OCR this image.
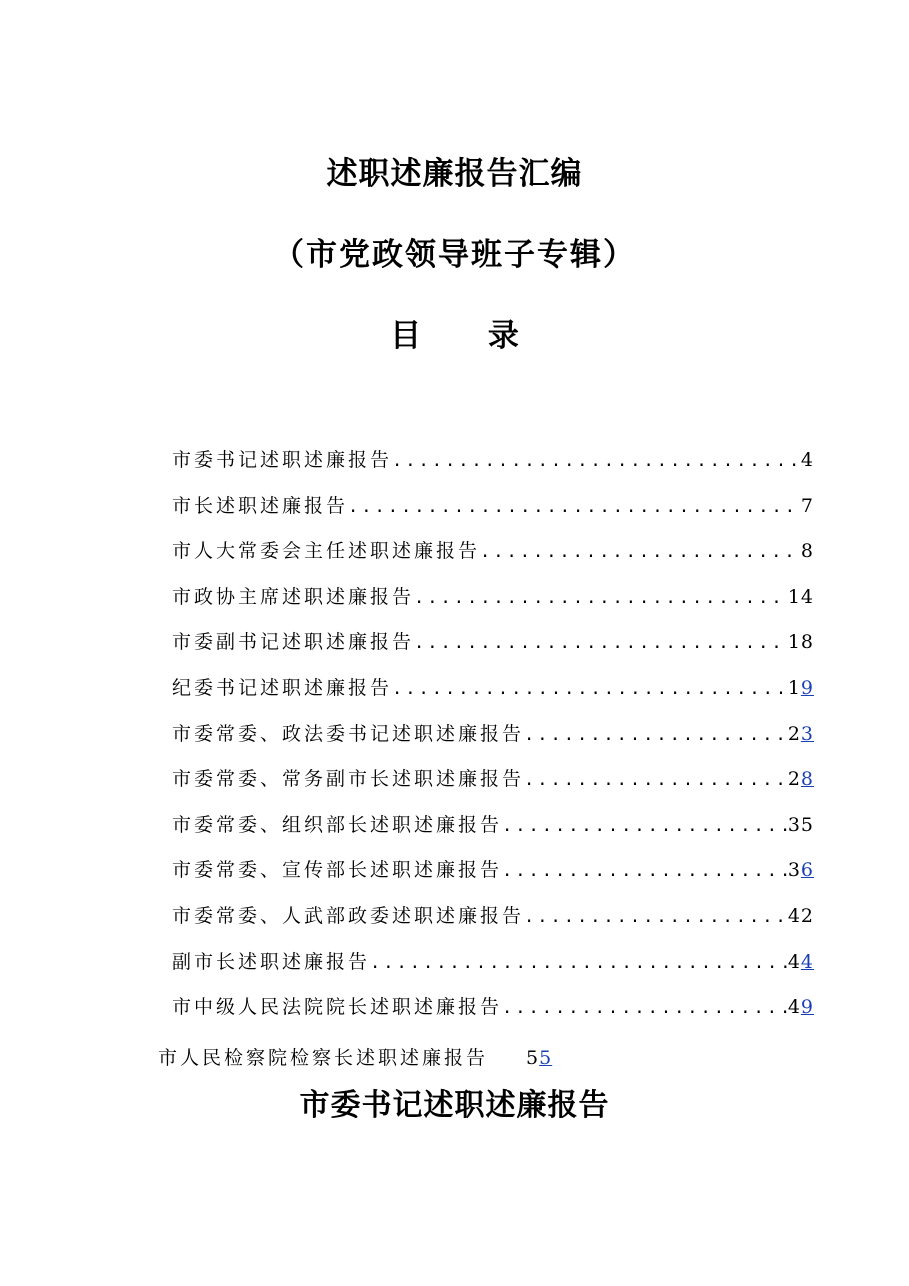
述职述廉报告汇编
（市党政领导班子专辑）
目 录
市委书记述职述廉报告 .....	4
市长述职述廉报告 .....	7
市人大常委会主任述职述廉报告 .....	8
市政协主席述职述廉报告 .....	14
市委副书记述职述廉报告 .....	18
纪委书记述职述廉报告 .....	19
市委常委、政法委书记述职述廉报告 .....	23
市委常委、常务副市长述职述廉报告 .....	28
市委常委、组织部长述职述廉报告 .....	35
市委常委、宣传部长述职述廉报告 .....	36
市委常委、人武部政委述职述廉报告 .....	42
副市长述职述廉报告 .....	44
市中级人民法院院长述职述廉报告 .....	49
市人民检察院检察长述职述廉报告 55
市委书记述职述廉报告
